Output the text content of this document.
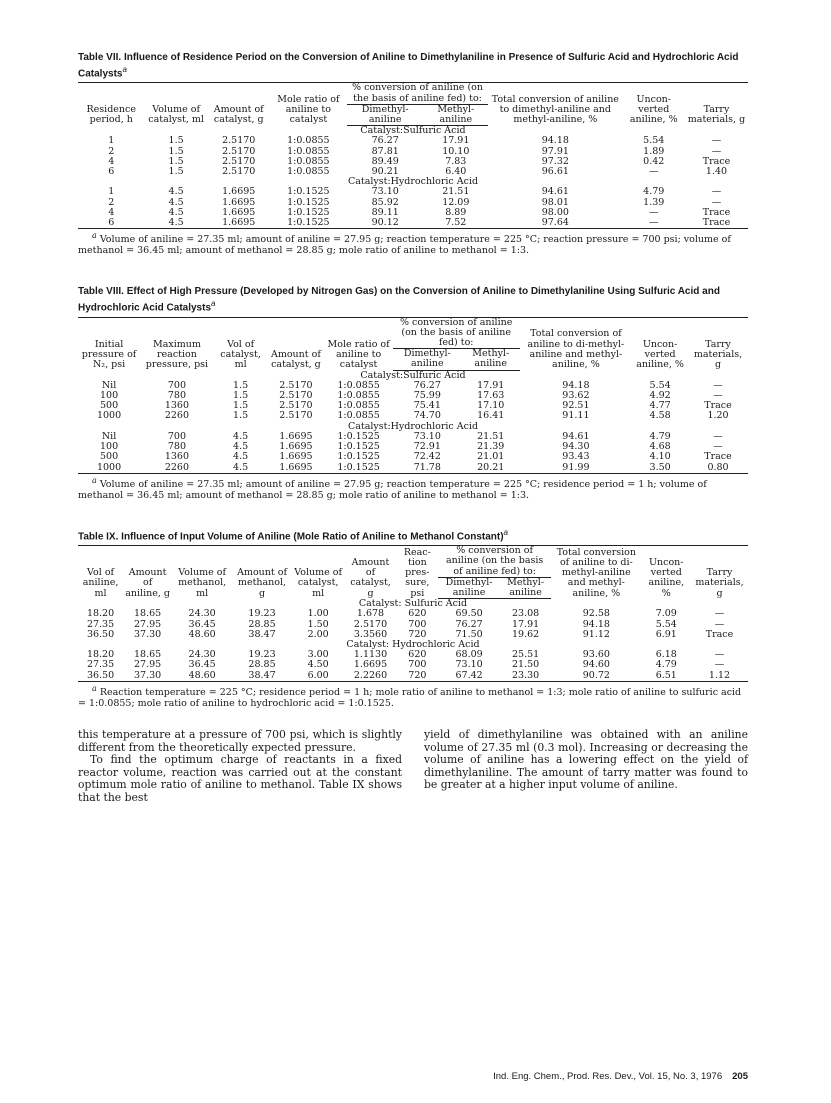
Table VII. Influence of Residence Period on the Conversion of Aniline to Dimethylaniline in Presence of Sulfuric Acid and Hydrochloric Acid Catalysts$^a$
Residence period, h	Volume of catalyst, ml	Amount of catalyst, g	Mole ratio of aniline to catalyst	% conversion of aniline (on the basis of aniline fed) to:		Total conversion of aniline to dimethyl-aniline and methyl-aniline, %	Uncon-verted aniline, %	Tarry materials, g
				Dimethyl-aniline	Methyl-aniline			
Catalyst:Sulfuric Acid								
1	1.5	2.5170	1:0.0855	76.27	17.91	94.18	5.54	—
2	1.5	2.5170	1:0.0855	87.81	10.10	97.91	1.89	—
4	1.5	2.5170	1:0.0855	89.49	7.83	97.32	0.42	Trace
6	1.5	2.5170	1:0.0855	90.21	6.40	96.61	—	1.40
Catalyst:Hydrochloric Acid								
1	4.5	1.6695	1:0.1525	73.10	21.51	94.61	4.79	—
2	4.5	1.6695	1:0.1525	85.92	12.09	98.01	1.39	—
4	4.5	1.6695	1:0.1525	89.11	8.89	98.00	—	Trace
6	4.5	1.6695	1:0.1525	90.12	7.52	97.64	—	Trace
$^a$ Volume of aniline = 27.35 ml; amount of aniline = 27.95 g; reaction temperature = 225 °C; reaction pressure = 700 psi; volume of methanol = 36.45 ml; amount of methanol = 28.85 g; mole ratio of aniline to methanol = 1:3.
Table VIII. Effect of High Pressure (Developed by Nitrogen Gas) on the Conversion of Aniline to Dimethylaniline Using Sulfuric Acid and Hydrochloric Acid Catalysts$^a$
Initial pressure of N₂, psi	Maximum reaction pressure, psi	Vol of catalyst, ml	Amount of catalyst, g	Mole ratio of aniline to catalyst	% conversion of aniline (on the basis of aniline fed) to:		Total conversion of aniline to di-methyl-aniline and methyl-aniline, %	Uncon-verted aniline, %	Tarry materials, g
					Dimethyl-aniline	Methyl-aniline			
Catalyst:Sulfuric Acid									
Nil	700	1.5	2.5170	1:0.0855	76.27	17.91	94.18	5.54	—
100	780	1.5	2.5170	1:0.0855	75.99	17.63	93.62	4.92	—
500	1360	1.5	2.5170	1:0.0855	75.41	17.10	92.51	4.77	Trace
1000	2260	1.5	2.5170	1:0.0855	74.70	16.41	91.11	4.58	1.20
Catalyst:Hydrochloric Acid									
Nil	700	4.5	1.6695	1:0.1525	73.10	21.51	94.61	4.79	—
100	780	4.5	1.6695	1:0.1525	72.91	21.39	94.30	4.68	—
500	1360	4.5	1.6695	1:0.1525	72.42	21.01	93.43	4.10	Trace
1000	2260	4.5	1.6695	1:0.1525	71.78	20.21	91.99	3.50	0.80
$^a$ Volume of aniline = 27.35 ml; amount of aniline = 27.95 g; reaction temperature = 225 °C; residence period = 1 h; volume of methanol = 36.45 ml; amount of methanol = 28.85 g; mole ratio of aniline to methanol = 1:3.
Table IX. Influence of Input Volume of Aniline (Mole Ratio of Aniline to Methanol Constant)$^a$
Vol of aniline, ml	Amount of aniline, g	Volume of methanol, ml	Amount of methanol, g	Volume of catalyst, ml	Amount of catalyst, g	Reac-tion pres-sure, psi	% conversion of aniline (on the basis of aniline fed) to:		Total conversion of aniline to di-methyl-aniline and methyl-aniline, %	Uncon-verted aniline, %	Tarry materials, g
							Dimethyl-aniline	Methyl-aniline			
Catalyst: Sulfuric Acid											
18.20	18.65	24.30	19.23	1.00	1.678	620	69.50	23.08	92.58	7.09	—
27.35	27.95	36.45	28.85	1.50	2.5170	700	76.27	17.91	94.18	5.54	—
36.50	37.30	48.60	38.47	2.00	3.3560	720	71.50	19.62	91.12	6.91	Trace
Catalyst: Hydrochloric Acid											
18.20	18.65	24.30	19.23	3.00	1.1130	620	68.09	25.51	93.60	6.18	—
27.35	27.95	36.45	28.85	4.50	1.6695	700	73.10	21.50	94.60	4.79	—
36.50	37.30	48.60	38.47	6.00	2.2260	720	67.42	23.30	90.72	6.51	1.12
$^a$ Reaction temperature = 225 °C; residence period = 1 h; mole ratio of aniline to methanol = 1:3; mole ratio of aniline to sulfuric acid = 1:0.0855; mole ratio of aniline to hydrochloric acid = 1:0.1525.

this temperature at a pressure of 700 psi, which is slightly different from the theoretically expected pressure.

To find the optimum charge of reactants in a fixed reactor volume, reaction was carried out at the constant optimum mole ratio of aniline to methanol. Table IX shows that the best

yield of dimethylaniline was obtained with an aniline volume of 27.35 ml (0.3 mol). Increasing or decreasing the volume of aniline has a lowering effect on the yield of dimethylaniline. The amount of tarry matter was found to be greater at a higher input volume of aniline.

Ind. Eng. Chem., Prod. Res. Dev., Vol. 15, No. 3, 1976 205
